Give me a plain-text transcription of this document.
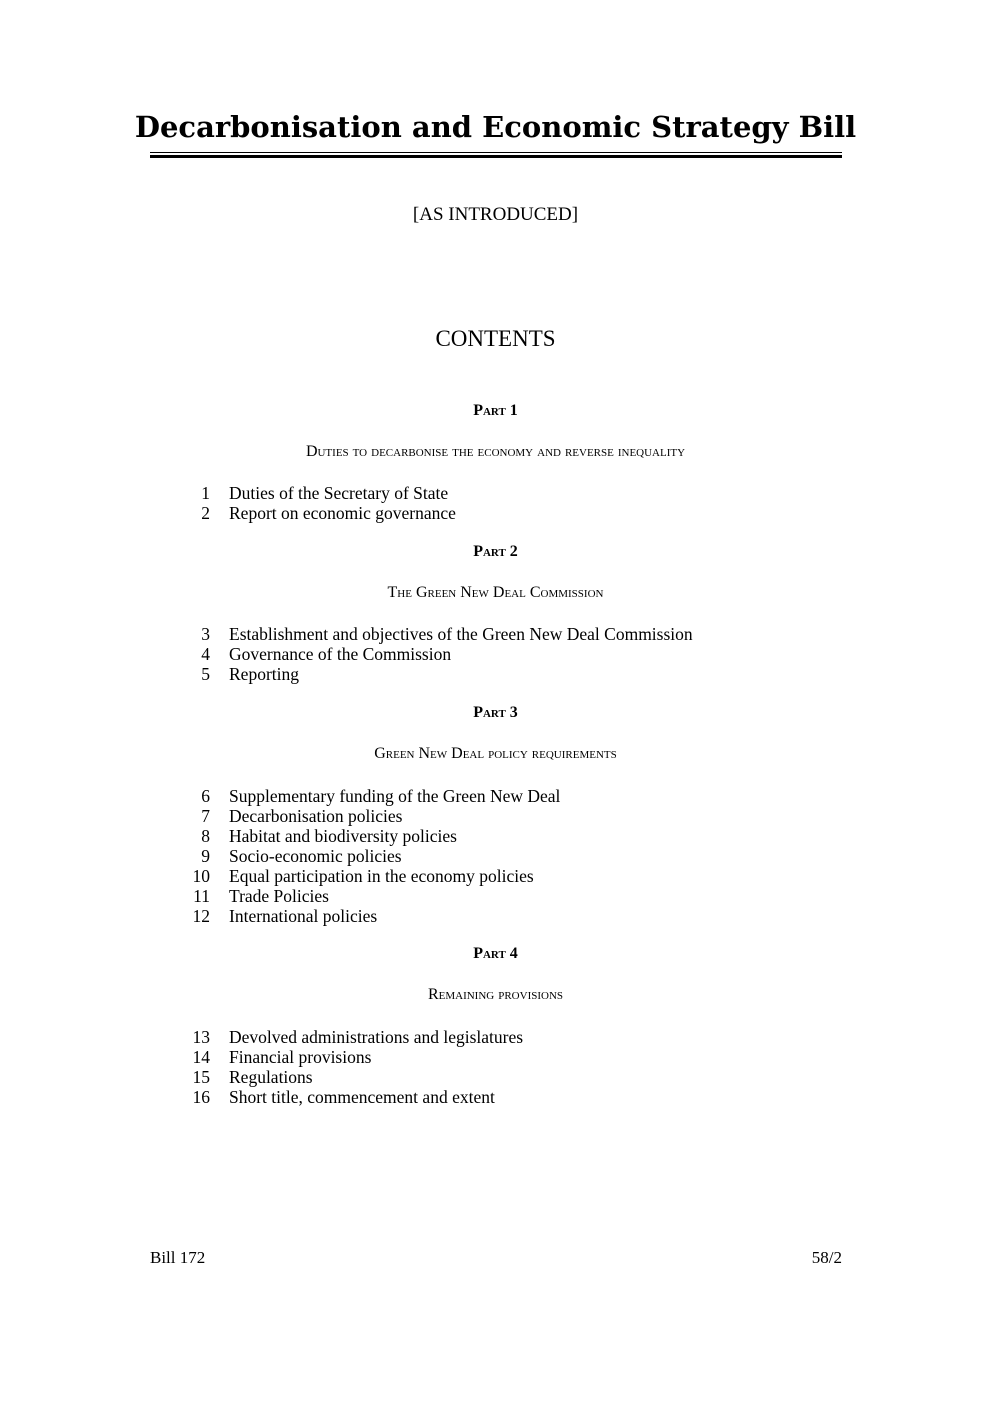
Decarbonisation and Economic Strategy Bill
[AS INTRODUCED]
CONTENTS
Part 1
Duties to decarbonise the economy and reverse inequality
1 Duties of the Secretary of State
2 Report on economic governance
Part 2
The Green New Deal Commission
3 Establishment and objectives of the Green New Deal Commission
4 Governance of the Commission
5 Reporting
Part 3
Green New Deal policy requirements
6 Supplementary funding of the Green New Deal
7 Decarbonisation policies
8 Habitat and biodiversity policies
9 Socio-economic policies
10 Equal participation in the economy policies
11 Trade Policies
12 International policies
Part 4
Remaining provisions
13 Devolved administrations and legislatures
14 Financial provisions
15 Regulations
16 Short title, commencement and extent
Bill 172	58/2
